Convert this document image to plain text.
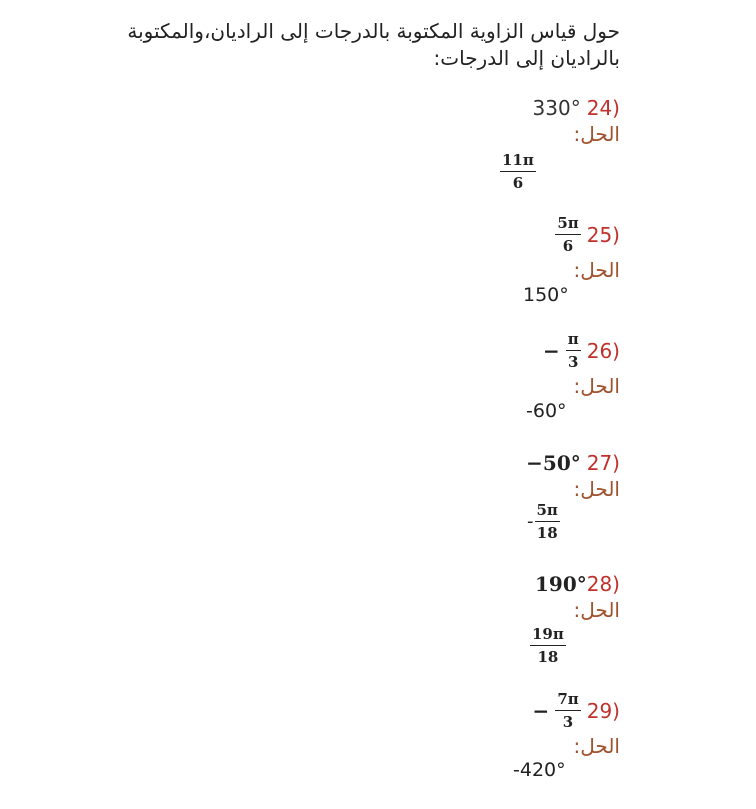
حول قياس الزاوية المكتوبة بالدرجات إلى الراديان،والمكتوبة بالراديان إلى الدرجات:
330° 24)
الحل:
$\frac{11\pi}{6}$
$\frac{5\pi}{6} 25$)
الحل:
150°
− $\frac{\pi}{3} 26$)
الحل:
-60°
−50° 27)
الحل:
- $\frac{5\pi}{18}$
190° 28)
الحل:
$\frac{19\pi}{18}$
− $\frac{7\pi}{3} 29$)
الحل:
-420°
